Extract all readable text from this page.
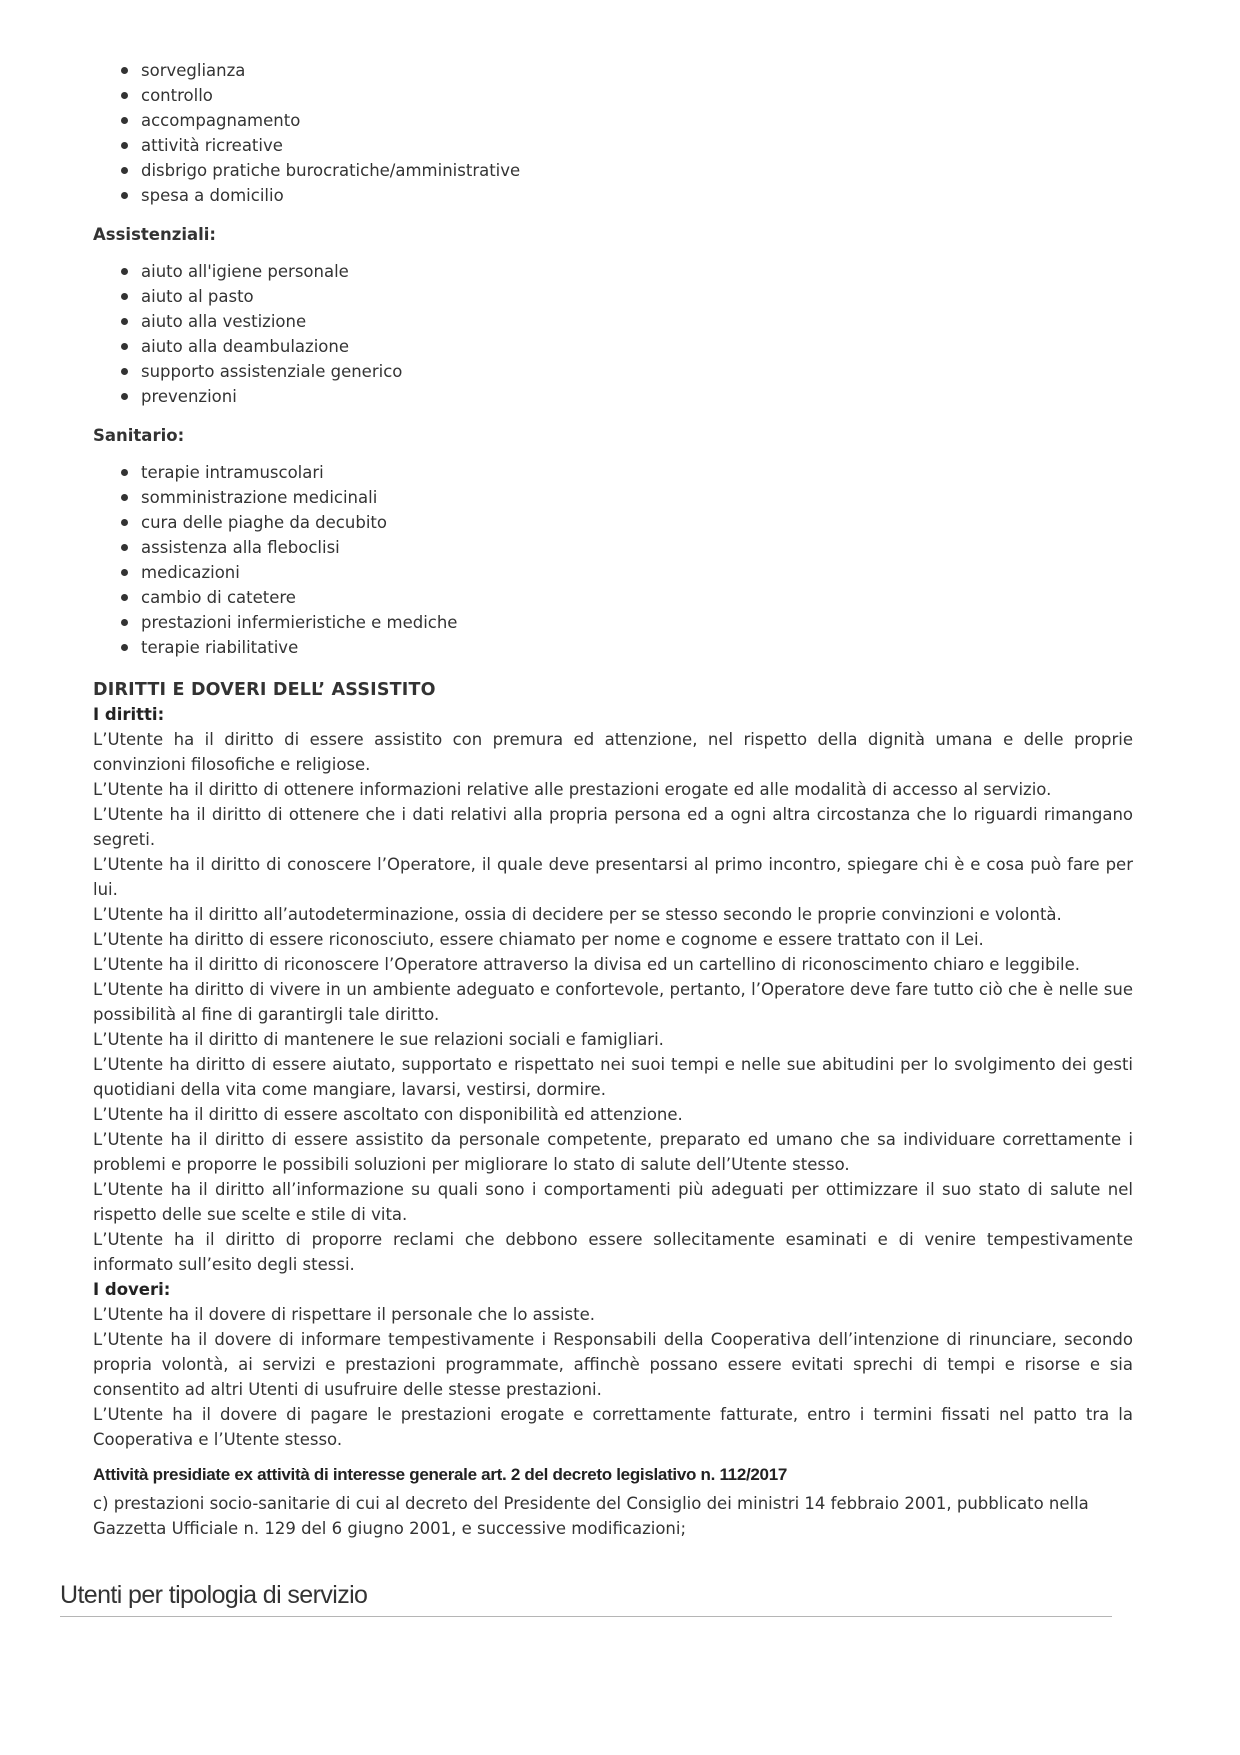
sorveglianza
controllo
accompagnamento
attività ricreative
disbrigo pratiche burocratiche/amministrative
spesa a domicilio
Assistenziali:
aiuto all'igiene personale
aiuto al pasto
aiuto alla vestizione
aiuto alla deambulazione
supporto assistenziale generico
prevenzioni
Sanitario:
terapie intramuscolari
somministrazione medicinali
cura delle piaghe da decubito
assistenza alla fleboclisi
medicazioni
cambio di catetere
prestazioni infermieristiche e mediche
terapie riabilitative
DIRITTI E DOVERI DELL’ ASSISTITO
I diritti:

L’Utente ha il diritto di essere assistito con premura ed attenzione, nel rispetto della dignità umana e delle proprie convinzioni filosofiche e religiose.

L’Utente ha il diritto di ottenere informazioni relative alle prestazioni erogate ed alle modalità di accesso al servizio.

L’Utente ha il diritto di ottenere che i dati relativi alla propria persona ed a ogni altra circostanza che lo riguardi rimangano segreti.

L’Utente ha il diritto di conoscere l’Operatore, il quale deve presentarsi al primo incontro, spiegare chi è e cosa può fare per lui.

L’Utente ha il diritto all’autodeterminazione, ossia di decidere per se stesso secondo le proprie convinzioni e volontà.

L’Utente ha diritto di essere riconosciuto, essere chiamato per nome e cognome e essere trattato con il Lei.

L’Utente ha il diritto di riconoscere l’Operatore attraverso la divisa ed un cartellino di riconoscimento chiaro e leggibile.

L’Utente ha diritto di vivere in un ambiente adeguato e confortevole, pertanto, l’Operatore deve fare tutto ciò che è nelle sue possibilità al fine di garantirgli tale diritto.

L’Utente ha il diritto di mantenere le sue relazioni sociali e famigliari.

L’Utente ha diritto di essere aiutato, supportato e rispettato nei suoi tempi e nelle sue abitudini per lo svolgimento dei gesti quotidiani della vita come mangiare, lavarsi, vestirsi, dormire.

L’Utente ha il diritto di essere ascoltato con disponibilità ed attenzione.

L’Utente ha il diritto di essere assistito da personale competente, preparato ed umano che sa individuare correttamente i problemi e proporre le possibili soluzioni per migliorare lo stato di salute dell’Utente stesso.

L’Utente ha il diritto all’informazione su quali sono i comportamenti più adeguati per ottimizzare il suo stato di salute nel rispetto delle sue scelte e stile di vita.

L’Utente ha il diritto di proporre reclami che debbono essere sollecitamente esaminati e di venire tempestivamente informato sull’esito degli stessi.

I doveri:

L’Utente ha il dovere di rispettare il personale che lo assiste.

L’Utente ha il dovere di informare tempestivamente i Responsabili della Cooperativa dell’intenzione di rinunciare, secondo propria volontà, ai servizi e prestazioni programmate, affinchè possano essere evitati sprechi di tempi e risorse e sia consentito ad altri Utenti di usufruire delle stesse prestazioni.

L’Utente ha il dovere di pagare le prestazioni erogate e correttamente fatturate, entro i termini fissati nel patto tra la Cooperativa e l’Utente stesso.

Attività presidiate ex attività di interesse generale art. 2 del decreto legislativo n. 112/2017

c) prestazioni socio-sanitarie di cui al decreto del Presidente del Consiglio dei ministri 14 febbraio 2001, pubblicato nella Gazzetta Ufficiale n. 129 del 6 giugno 2001, e successive modificazioni;

Utenti per tipologia di servizio
